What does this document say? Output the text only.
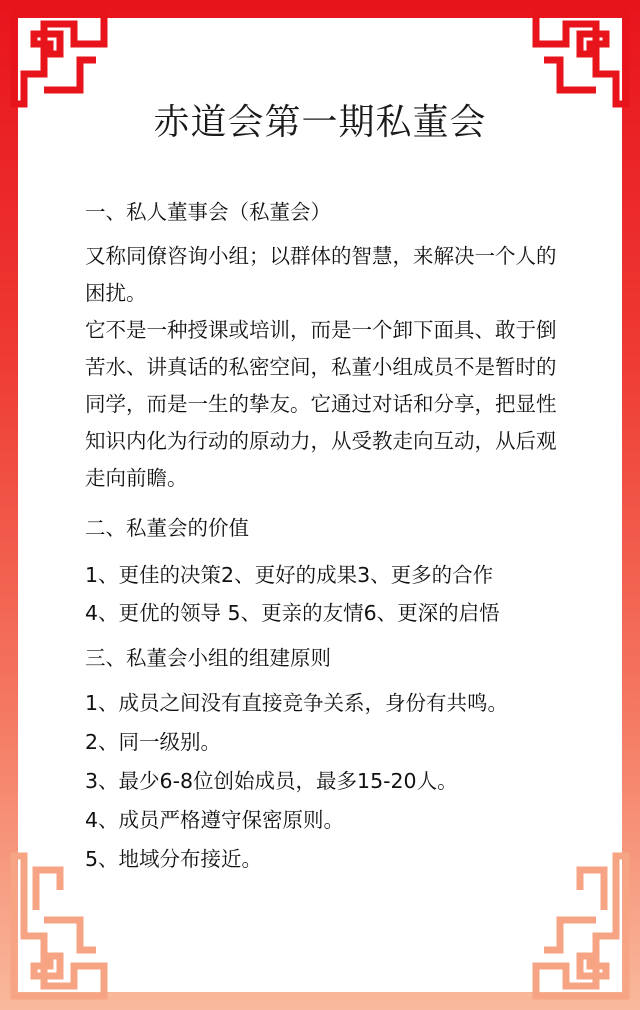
赤道会第一期私董会

一、私人董事会（私董会）

又称同僚咨询小组；以群体的智慧，来解决一个人的困扰。

它不是一种授课或培训，而是一个卸下面具、敢于倒苦水、讲真话的私密空间，私董小组成员不是暂时的同学，而是一生的挚友。它通过对话和分享，把显性知识内化为行动的原动力，从受教走向互动，从后观走向前瞻。

二、私董会的价值

1、更佳的决策2、更好的成果3、更多的合作

4、更优的领导 5、更亲的友情6、更深的启悟

三、私董会小组的组建原则

1、成员之间没有直接竞争关系，身份有共鸣。

2、同一级别。

3、最少6-8位创始成员，最多15-20人。

4、成员严格遵守保密原则。

5、地域分布接近。
